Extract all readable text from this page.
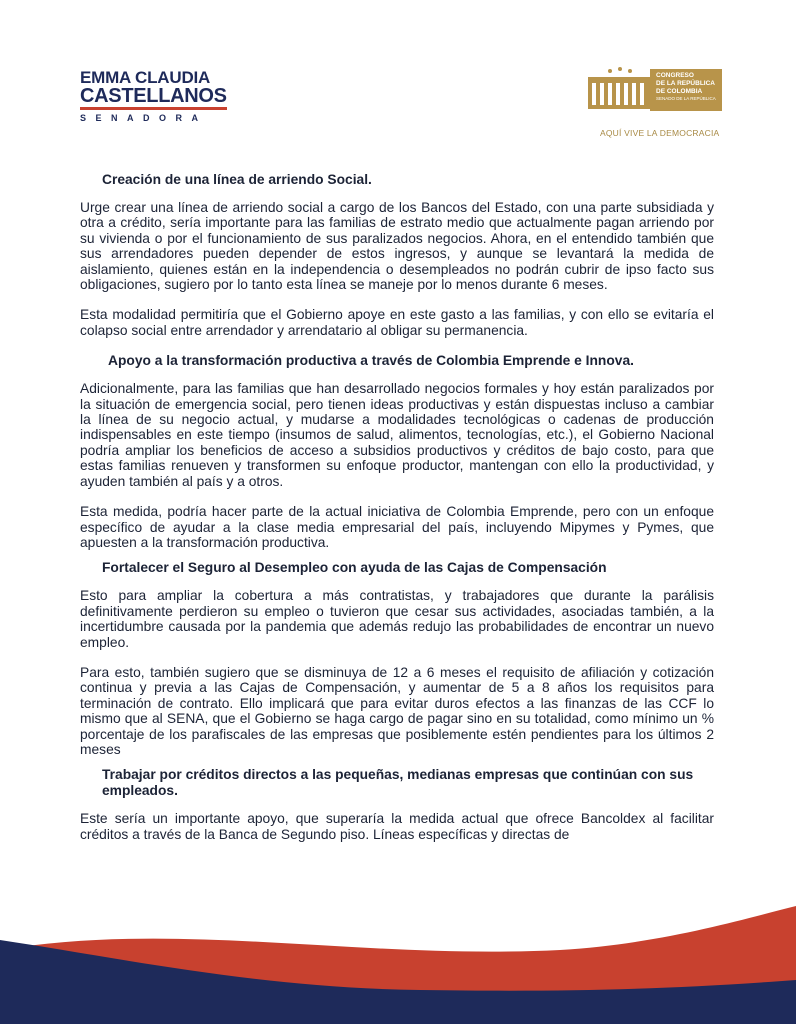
EMMA CLAUDIA
CASTELLANOS
SENADORA
CONGRESO
DE LA REPÚBLICA
DE COLOMBIA
SENADO DE LA REPÚBLICA
AQUÍ VIVE LA DEMOCRACIA
Creación de una línea de arriendo Social.

Urge crear una línea de arriendo social a cargo de los Bancos del Estado, con una parte subsidiada y otra a crédito, sería importante para las familias de estrato medio que actualmente pagan arriendo por su vivienda o por el funcionamiento de sus paralizados negocios. Ahora, en el entendido también que sus arrendadores pueden depender de estos ingresos, y aunque se levantará la medida de aislamiento, quienes están en la independencia o desempleados no podrán cubrir de ipso facto sus obligaciones, sugiero por lo tanto esta línea se maneje por lo menos durante 6 meses.

Esta modalidad permitiría que el Gobierno apoye en este gasto a las familias, y con ello se evitaría el colapso social entre arrendador y arrendatario al obligar su permanencia.

Apoyo a la transformación productiva a través de Colombia Emprende e Innova.

Adicionalmente, para las familias que han desarrollado negocios formales y hoy están paralizados por la situación de emergencia social, pero tienen ideas productivas y están dispuestas incluso a cambiar la línea de su negocio actual, y mudarse a modalidades tecnológicas o cadenas de producción indispensables en este tiempo (insumos de salud, alimentos, tecnologías, etc.), el Gobierno Nacional podría ampliar los beneficios de acceso a subsidios productivos y créditos de bajo costo, para que estas familias renueven y transformen su enfoque productor, mantengan con ello la productividad, y ayuden también al país y a otros.

Esta medida, podría hacer parte de la actual iniciativa de Colombia Emprende, pero con un enfoque específico de ayudar a la clase media empresarial del país, incluyendo Mipymes y Pymes, que apuesten a la transformación productiva.

Fortalecer el Seguro al Desempleo con ayuda de las Cajas de Compensación

Esto para ampliar la cobertura a más contratistas, y trabajadores que durante la parálisis definitivamente perdieron su empleo o tuvieron que cesar sus actividades, asociadas también, a la incertidumbre causada por la pandemia que además redujo las probabilidades de encontrar un nuevo empleo.

Para esto, también sugiero que se disminuya de 12 a 6 meses el requisito de afiliación y cotización continua y previa a las Cajas de Compensación, y aumentar de 5 a 8 años los requisitos para terminación de contrato. Ello implicará que para evitar duros efectos a las finanzas de las CCF lo mismo que al SENA, que el Gobierno se haga cargo de pagar sino en su totalidad, como mínimo un % porcentaje de los parafiscales de las empresas que posiblemente estén pendientes para los últimos 2 meses

Trabajar por créditos directos a las pequeñas, medianas empresas que continúan con sus empleados.

Este sería un importante apoyo, que superaría la medida actual que ofrece Bancoldex al facilitar créditos a través de la Banca de Segundo piso. Líneas específicas y directas de
